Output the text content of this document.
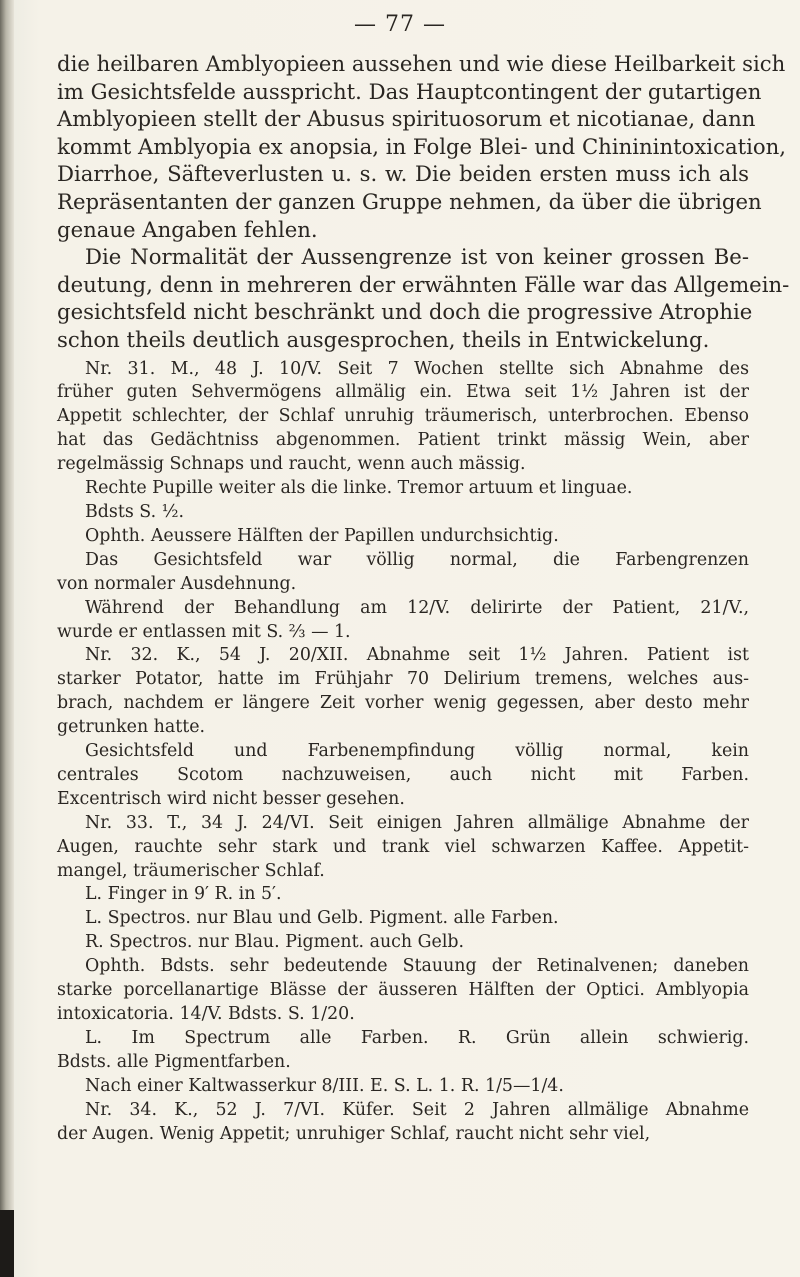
— 77 —
die heilbaren Amblyopieen aussehen und wie diese Heilbarkeit sich
im Gesichtsfelde ausspricht. Das Hauptcontingent der gutartigen
Amblyopieen stellt der Abusus spirituosorum et nicotianae, dann
kommt Amblyopia ex anopsia, in Folge Blei- und Chininintoxication,
Diarrhoe, Säfteverlusten u. s. w. Die beiden ersten muss ich als
Repräsentanten der ganzen Gruppe nehmen, da über die übrigen
genaue Angaben fehlen.
Die Normalität der Aussengrenze ist von keiner grossen Be-
deutung, denn in mehreren der erwähnten Fälle war das Allgemein-
gesichtsfeld nicht beschränkt und doch die progressive Atrophie
schon theils deutlich ausgesprochen, theils in Entwickelung.
Nr. 31. M., 48 J. 10/V. Seit 7 Wochen stellte sich Abnahme des
früher guten Sehvermögens allmälig ein. Etwa seit 1½ Jahren ist der
Appetit schlechter, der Schlaf unruhig träumerisch, unterbrochen. Ebenso
hat das Gedächtniss abgenommen. Patient trinkt mässig Wein, aber
regelmässig Schnaps und raucht, wenn auch mässig.
Rechte Pupille weiter als die linke. Tremor artuum et linguae.
Bdsts S. ½.
Ophth. Aeussere Hälften der Papillen undurchsichtig.
Das Gesichtsfeld war völlig normal, die Farbengrenzen
von normaler Ausdehnung.
Während der Behandlung am 12/V. delirirte der Patient, 21/V.,
wurde er entlassen mit S. ⅔ — 1.
Nr. 32. K., 54 J. 20/XII. Abnahme seit 1½ Jahren. Patient ist
starker Potator, hatte im Frühjahr 70 Delirium tremens, welches aus-
brach, nachdem er längere Zeit vorher wenig gegessen, aber desto mehr
getrunken hatte.
Gesichtsfeld und Farbenempfindung völlig normal, kein
centrales Scotom nachzuweisen, auch nicht mit Farben.
Excentrisch wird nicht besser gesehen.
Nr. 33. T., 34 J. 24/VI. Seit einigen Jahren allmälige Abnahme der
Augen, rauchte sehr stark und trank viel schwarzen Kaffee. Appetit-
mangel, träumerischer Schlaf.
L. Finger in 9′ R. in 5′.
L. Spectros. nur Blau und Gelb. Pigment. alle Farben.
R. Spectros. nur Blau. Pigment. auch Gelb.
Ophth. Bdsts. sehr bedeutende Stauung der Retinalvenen; daneben
starke porcellanartige Blässe der äusseren Hälften der Optici. Amblyopia
intoxicatoria. 14/V. Bdsts. S. 1/20.
L. Im Spectrum alle Farben. R. Grün allein schwierig.
Bdsts. alle Pigmentfarben.
Nach einer Kaltwasserkur 8/III. E. S. L. 1. R. 1/5—1/4.
Nr. 34. K., 52 J. 7/VI. Küfer. Seit 2 Jahren allmälige Abnahme
der Augen. Wenig Appetit; unruhiger Schlaf, raucht nicht sehr viel,
